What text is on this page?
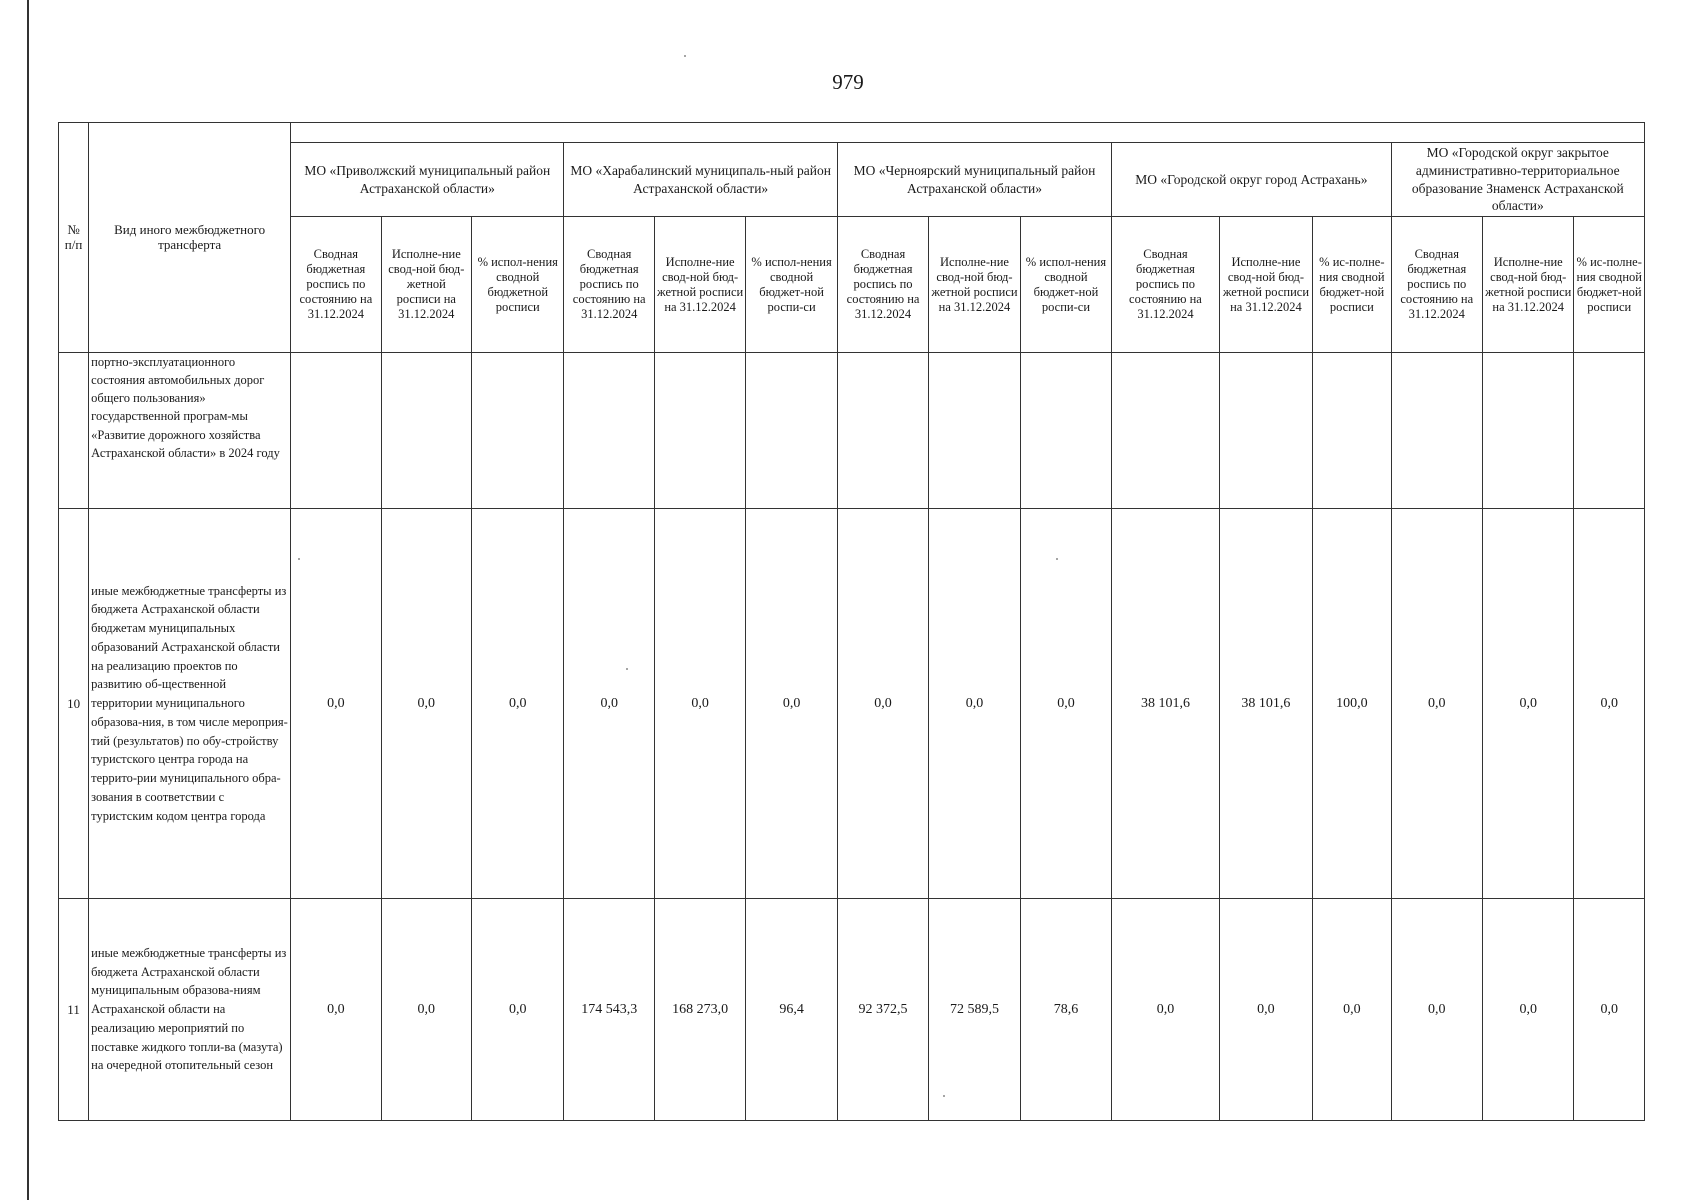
979
№ п/п	Вид иного межбюджетного трансферта															
		МО «Приволжский муниципальный район Астраханской области»			МО «Харабалинский муниципаль-ный район Астраханской области»			МО «Черноярский муниципальный район Астраханской области»			МО «Городской округ город Астрахань»			МО «Городской округ закрытое административно-территориальное образование Знаменск Астраханской области»		
		Сводная бюджетная роспись по состоянию на 31.12.2024	Исполне-ние свод-ной бюд-жетной росписи на 31.12.2024	% испол-нения сводной бюджетной росписи	Сводная бюджетная роспись по состоянию на 31.12.2024	Исполне-ние свод-ной бюд-жетной росписи на 31.12.2024	% испол-нения сводной бюджет-ной роспи-си	Сводная бюджетная роспись по состоянию на 31.12.2024	Исполне-ние свод-ной бюд-жетной росписи на 31.12.2024	% испол-нения сводной бюджет-ной роспи-си	Сводная бюджетная роспись по состоянию на 31.12.2024	Исполне-ние свод-ной бюд-жетной росписи на 31.12.2024	% ис-полне-ния сводной бюджет-ной росписи	Сводная бюджетная роспись по состоянию на 31.12.2024	Исполне-ние свод-ной бюд-жетной росписи на 31.12.2024	% ис-полне-ния сводной бюджет-ной росписи
	портно-эксплуатационного состояния автомобильных дорог общего пользования» государственной програм-мы «Развитие дорожного хозяйства Астраханской области» в 2024 году															
10	иные межбюджетные трансферты из бюджета Астраханской области бюджетам муниципальных образований Астраханской области на реализацию проектов по развитию об-щественной территории муниципального образова-ния, в том числе мероприя-тий (результатов) по обу-стройству туристского центра города на террито-рии муниципального обра-зования в соответствии с туристским кодом центра города	0,0	0,0	0,0	0,0	0,0	0,0	0,0	0,0	0,0	38 101,6	38 101,6	100,0	0,0	0,0	0,0
11	иные межбюджетные трансферты из бюджета Астраханской области муниципальным образова-ниям Астраханской области на реализацию мероприятий по поставке жидкого топли-ва (мазута) на очередной отопительный сезон	0,0	0,0	0,0	174 543,3	168 273,0	96,4	92 372,5	72 589,5	78,6	0,0	0,0	0,0	0,0	0,0	0,0
